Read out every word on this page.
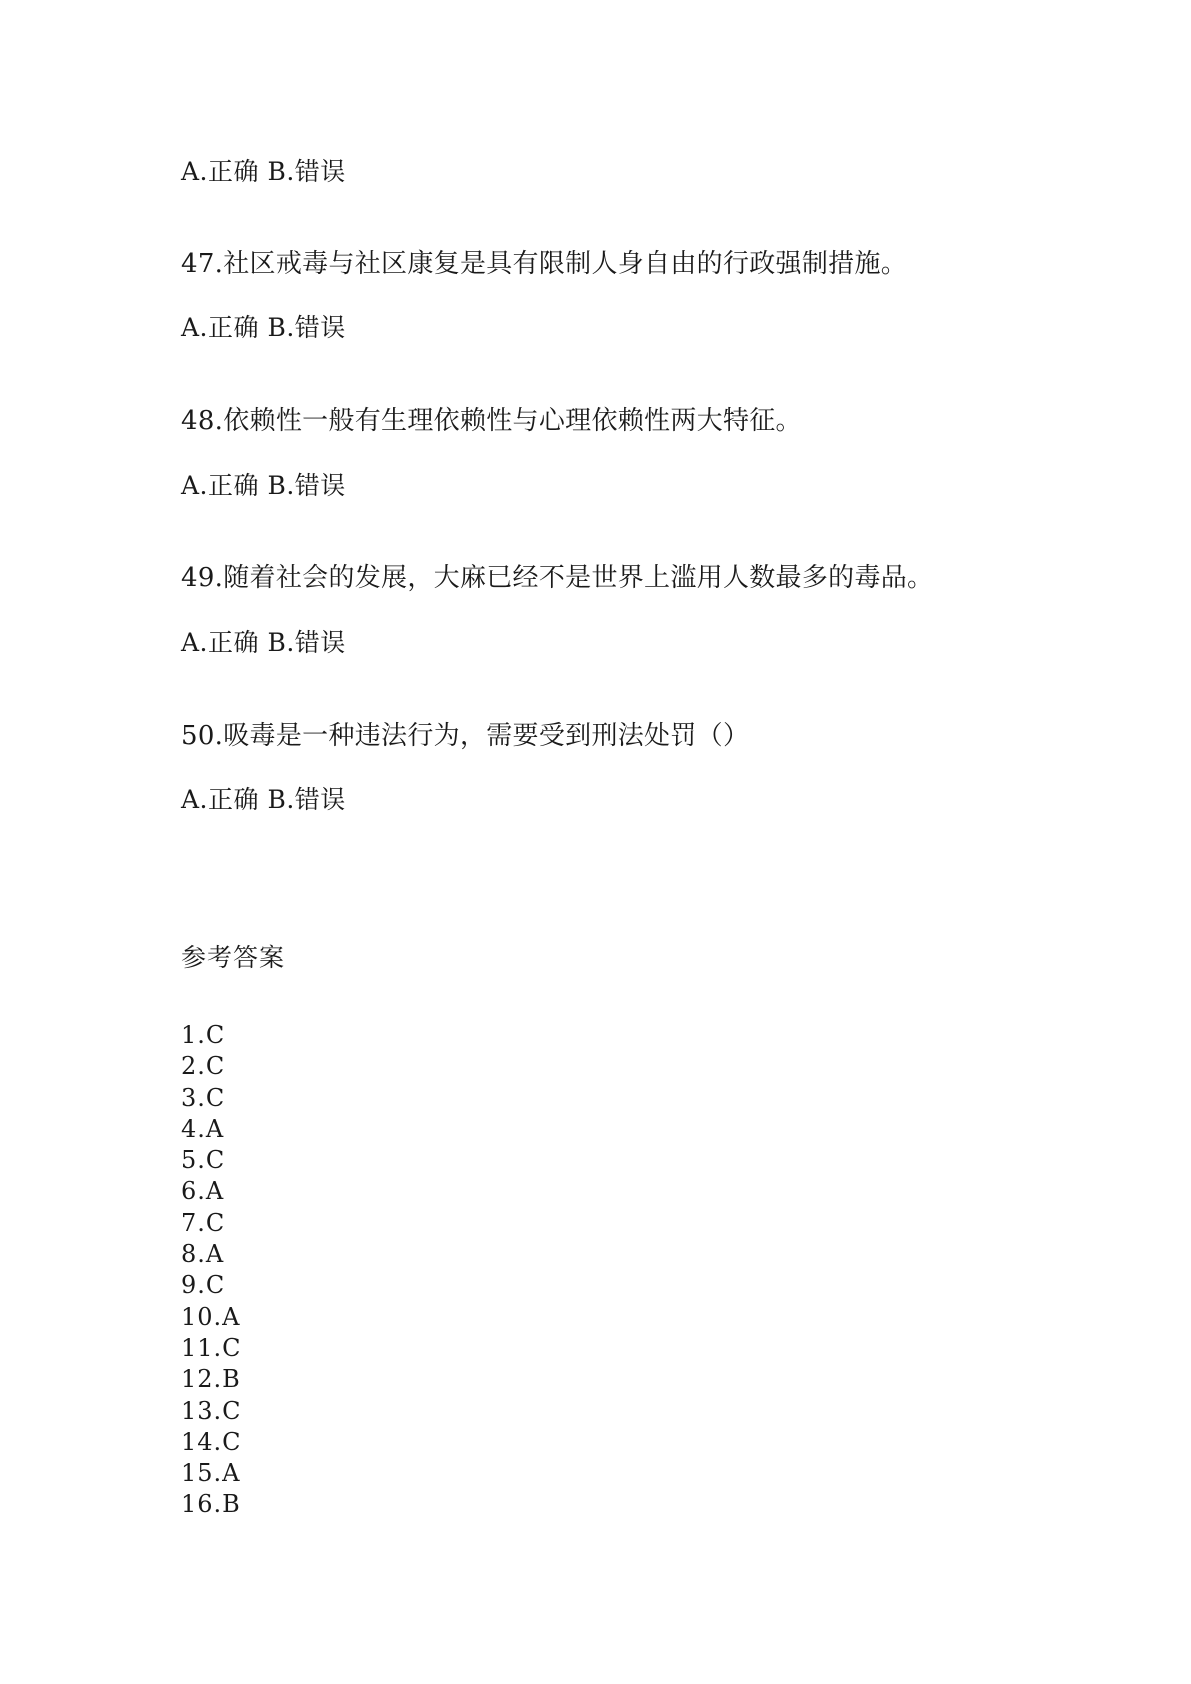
A.正确 B.错误
47.社区戒毒与社区康复是具有限制人身自由的行政强制措施。
A.正确 B.错误
48.依赖性一般有生理依赖性与心理依赖性两大特征。
A.正确 B.错误
49.随着社会的发展，大麻已经不是世界上滥用人数最多的毒品。
A.正确 B.错误
50.吸毒是一种违法行为，需要受到刑法处罚（）
A.正确 B.错误
参考答案
1.C
2.C
3.C
4.A
5.C
6.A
7.C
8.A
9.C
10.A
11.C
12.B
13.C
14.C
15.A
16.B
